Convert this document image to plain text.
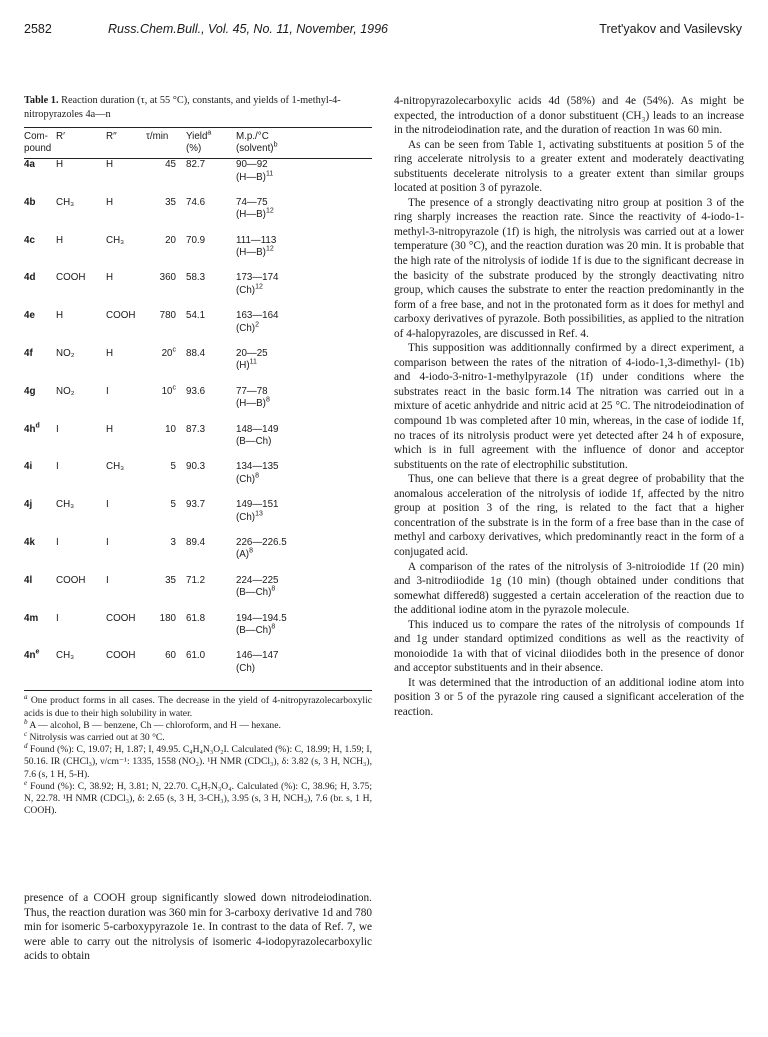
2582	Russ.Chem.Bull., Vol. 45, No. 11, November, 1996	Tret'yakov and Vasilevsky

Table 1. Reaction duration (τ, at 55 °C), constants, and yields of 1-methyl-4-nitropyrazoles 4a—n

Com-pound	R′	R′′	τ/min	Yield$^a$
(%)	M.p./°C
(solvent)$^b$
4a	H	H	45	82.7	90—92
(H—B)$^{11}$
4b	CH₃	H	35	74.6	74—75
(H—B)$^{12}$
4c	H	CH₃	20	70.9	111—113
(H—B)$^{12}$
4d	COOH	H	360	58.3	173—174
$(Ch)^{12}$
4e	H	COOH	780	54.1	163—164
$(Ch)^2$
4f	NO₂	H	20$^c$	88.4	20—25
$(H)^{11}$
4g	NO₂	I	10$^c$	93.6	77—78
(H—B)$^8$
$4h^d$	I	H	10	87.3	148—149
(B—Ch)
4i	I	CH₃	5	90.3	134—135
$(Ch)^8$
4j	CH₃	I	5	93.7	149—151
$(Ch)^{13}$
4k	I	I	3	89.4	226—226.5
$(A)^8$
4l	COOH	I	35	71.2	224—225
(B—Ch)$^8$
4m	I	COOH	180	61.8	194—194.5
(B—Ch)$^8$
$4n^e$	CH₃	COOH	60	61.0	146—147
(Ch)

$^a$ One product forms in all cases. The decrease in the yield of 4-nitropyrazolecarboxylic acids is due to their high solubility in water.

$^b$ A — alcohol, B — benzene, Ch — chloroform, and H — hexane.

$^c$ Nitrolysis was carried out at 30 °C.

$^d$ Found (%): C, 19.07; H, 1.87; I, 49.95. C₄H₄N₃O₂I. Calculated (%): C, 18.99; H, 1.59; I, 50.16. IR (CHCl₃), ν/cm⁻¹: 1335, 1558 (NO₂). ¹H NMR (CDCl₃), δ: 3.82 (s, 3 H, NCH₃), 7.6 (s, 1 H, 5-H).

$^e$ Found (%): C, 38.92; H, 3.81; N, 22.70. C₆H₇N₃O₄. Calculated (%): C, 38.96; H, 3.75; N, 22.78. ¹H NMR (CDCl₃), δ: 2.65 (s, 3 H, 3-CH₃), 3.95 (s, 3 H, NCH₃), 7.6 (br. s, 1 H, COOH).

presence of a COOH group significantly slowed down nitrodeiodination. Thus, the reaction duration was 360 min for 3-carboxy derivative 1d and 780 min for isomeric 5-carboxypyrazole 1e. In contrast to the data of Ref. 7, we were able to carry out the nitrolysis of isomeric 4-iodopyrazolecarboxylic acids to obtain

4-nitropyrazolecarboxylic acids 4d (58%) and 4e (54%). As might be expected, the introduction of a donor substituent (CH₃) leads to an increase in the nitrodeiodination rate, and the duration of reaction 1n was 60 min.

As can be seen from Table 1, activating substituents at position 5 of the ring accelerate nitrolysis to a greater extent and moderately deactivating substituents decelerate nitrolysis to a greater extent than similar groups located at position 3 of pyrazole.

The presence of a strongly deactivating nitro group at position 3 of the ring sharply increases the reaction rate. Since the reactivity of 4-iodo-1-methyl-3-nitropyrazole (1f) is high, the nitrolysis was carried out at a lower temperature (30 °C), and the reaction duration was 20 min. It is probable that the high rate of the nitrolysis of iodide 1f is due to the significant decrease in the basicity of the substrate produced by the strongly deactivating nitro group, which causes the substrate to enter the reaction predominantly in the form of a free base, and not in the protonated form as it does for methyl and carboxy derivatives of pyrazole. Both possibilities, as applied to the nitration of 4-halopyrazoles, are discussed in Ref. 4.

This supposition was additionnally confirmed by a direct experiment, a comparison between the rates of the nitration of 4-iodo-1,3-dimethyl- (1b) and 4-iodo-3-nitro-1-methylpyrazole (1f) under conditions where the substrates react in the basic form.14 The nitration was carried out in a mixture of acetic anhydride and nitric acid at 25 °C. The nitrodeiodination of compound 1b was completed after 10 min, whereas, in the case of iodide 1f, no traces of its nitrolysis product were yet detected after 24 h of exposure, which is in full agreement with the influence of donor and acceptor substituents on the rate of electrophilic substitution.

Thus, one can believe that there is a great degree of probability that the anomalous acceleration of the nitrolysis of iodide 1f, affected by the nitro group at position 3 of the ring, is related to the fact that a higher concentration of the substrate is in the form of a free base than in the case of methyl and carboxy derivatives, which predominantly react in the form of a conjugated acid.

A comparison of the rates of the nitrolysis of 3-nitroiodide 1f (20 min) and 3-nitrodiiodide 1g (10 min) (though obtained under conditions that somewhat differed8) suggested a certain acceleration of the reaction due to the additional iodine atom in the pyrazole molecule.

This induced us to compare the rates of the nitrolysis of compounds 1f and 1g under standard optimized conditions as well as the reactivity of monoiodide 1a with that of vicinal diiodides both in the presence of donor and acceptor substituents and in their absence.

It was determined that the introduction of an additional iodine atom into position 3 or 5 of the pyrazole ring caused a significant acceleration of the reaction.
